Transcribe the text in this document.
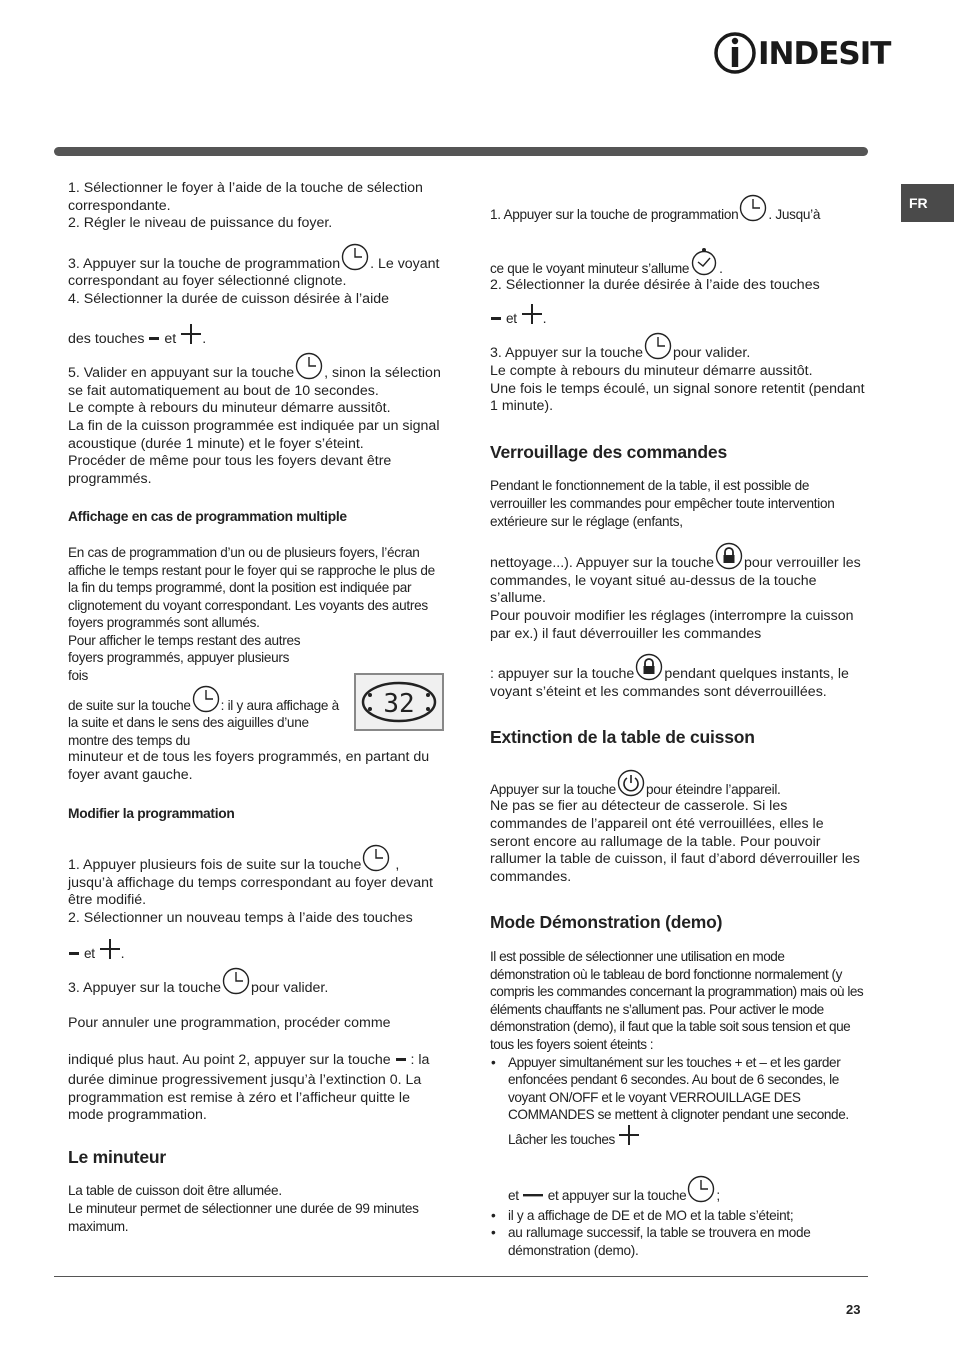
INDESIT
FR

1. Sélectionner le foyer à l’aide de la touche de sélection correspondante.

2. Régler le niveau de puissance du foyer.

3. Appuyer sur la touche de programmation . Le voyant correspondant au foyer sélectionné clignote.

4. Sélectionner la durée de cuisson désirée à l’aide

des touches et .

5. Valider en appuyant sur la touche , sinon la sélection se fait automatiquement au bout de 10 secondes.

Le compte à rebours du minuteur démarre aussitôt.

La fin de la cuisson programmée est indiquée par un signal acoustique (durée 1 minute) et le foyer s’éteint.

Procéder de même pour tous les foyers devant être programmés.

Affichage en cas de programmation multiple

En cas de programmation d’un ou de plusieurs foyers, l’écran affiche le temps restant pour le foyer qui se rapproche le plus de la fin du temps programmé, dont la position est indiquée par clignotement du voyant correspondant. Les voyants des autres foyers programmés sont allumés.

Pour afficher le temps restant des autres foyers programmés, appuyer plusieurs fois

de suite sur la touche : il y aura affichage à la suite et dans le sens des aiguilles d’une montre des temps du

minuteur et de tous les foyers programmés, en partant du foyer avant gauche.

Modifier la programmation

1. Appuyer plusieurs fois de suite sur la touche , jusqu’à affichage du temps correspondant au foyer devant être modifié.

2. Sélectionner un nouveau temps à l’aide des touches

et .

3. Appuyer sur la touche pour valider.

Pour annuler une programmation, procéder comme

indiqué plus haut. Au point 2, appuyer sur la touche : la durée diminue progressivement jusqu’à l’extinction 0. La programmation est remise à zéro et l’afficheur quitte le mode programmation.

Le minuteur

La table de cuisson doit être allumée.

Le minuteur permet de sélectionner une durée de 99 minutes maximum.

32

1. Appuyer sur la touche de programmation . Jusqu’à

ce que le voyant minuteur s’allume .

2. Sélectionner la durée désirée à l’aide des touches

et .

3. Appuyer sur la touche pour valider.

Le compte à rebours du minuteur démarre aussitôt.

Une fois le temps écoulé, un signal sonore retentit (pendant 1 minute).

Verrouillage des commandes

Pendant le fonctionnement de la table, il est possible de verrouiller les commandes pour empêcher toute intervention extérieure sur le réglage (enfants,

nettoyage...). Appuyer sur la touche pour verrouiller les commandes, le voyant situé au-dessus de la touche s’allume.

Pour pouvoir modifier les réglages (interrompre la cuisson par ex.) il faut déverrouiller les commandes

: appuyer sur la touche pendant quelques instants, le voyant s’éteint et les commandes sont déverrouillées.

Extinction de la table de cuisson

Appuyer sur la touche pour éteindre l’appareil.

Ne pas se fier au détecteur de casserole. Si les commandes de l’appareil ont été verrouillées, elles le seront encore au rallumage de la table. Pour pouvoir rallumer la table de cuisson, il faut d’abord déverrouiller les commandes.

Mode Démonstration (demo)

Il est possible de sélectionner une utilisation en mode démonstration où le tableau de bord fonctionne normalement (y compris les commandes concernant la programmation) mais où les éléments chauffants ne s’allument pas. Pour activer le mode démonstration (demo), il faut que la table soit sous tension et que tous les foyers soient éteints :

• Appuyer simultanément sur les touches + et – et les garder enfoncées pendant 6 secondes. Au bout de 6 secondes, le voyant ON/OFF et le voyant VERROUILLAGE DES COMMANDES se mettent à clignoter pendant une seconde. Lâcher les touches

et et appuyer sur la touche ;
• il y a affichage de DE et de MO et la table s’éteint;
• au rallumage successif, la table se trouvera en mode démonstration (demo).
23
